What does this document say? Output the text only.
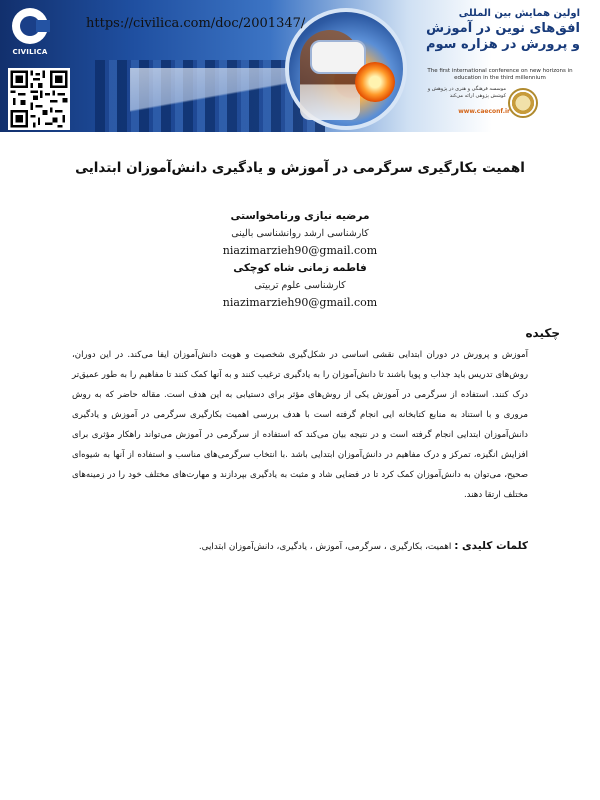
CIVILICA
https://civilica.com/doc/2001347/
اولین همایش بین المللی
افق‌های نوین در آموزش
و پرورش در هزاره سوم
The first international conference on new horizons in education in the third millennium
موسسه فرهنگی و هنری در پژوهش و کوشش پژوهی ارائه می‌کند
www.caeconf.ir
اهمیت بکارگیری سرگرمی در آموزش و یادگیری دانش‌آموزان ابتدایی
مرضیه نیازی ورنامخواستی
کارشناسی ارشد روانشناسی بالینی
niazimarzieh90@gmail.com
فاطمه زمانی شاه کوچکی
کارشناسی علوم تربیتی
niazimarzieh90@gmail.com
چکیده
آموزش و پرورش در دوران ابتدایی نقشی اساسی در شکل‌گیری شخصیت و هویت دانش‌آموزان ایفا می‌کند. در این دوران، روش‌های تدریس باید جذاب و پویا باشند تا دانش‌آموزان را به یادگیری ترغیب کنند و به آنها کمک کنند تا مفاهیم را به طور عمیق‌تر درک کنند. استفاده از سرگرمی در آموزش یکی از روش‌های مؤثر برای دستیابی به این هدف است. مقاله حاضر که به روش مروری و با استناد به منابع کتابخانه ایی انجام گرفته است با هدف بررسی اهمیت بکارگیری سرگرمی در آموزش و یادگیری دانش‌آموزان ابتدایی انجام گرفته است و در نتیجه بیان می‌کند که استفاده از سرگرمی در آموزش می‌تواند راهکار مؤثری برای افزایش انگیزه، تمرکز و درک مفاهیم در دانش‌آموزان ابتدایی باشد .با انتخاب سرگرمی‌های مناسب و استفاده از آنها به شیوه‌ای صحیح، می‌توان به دانش‌آموزان کمک کرد تا در فضایی شاد و مثبت به یادگیری بپردازند و مهارت‌های مختلف خود را در زمینه‌های مختلف ارتقا دهند.
کلمات کلیدی : اهمیت، بکارگیری ، سرگرمی، آموزش ، یادگیری، دانش‌آموزان ابتدایی.
